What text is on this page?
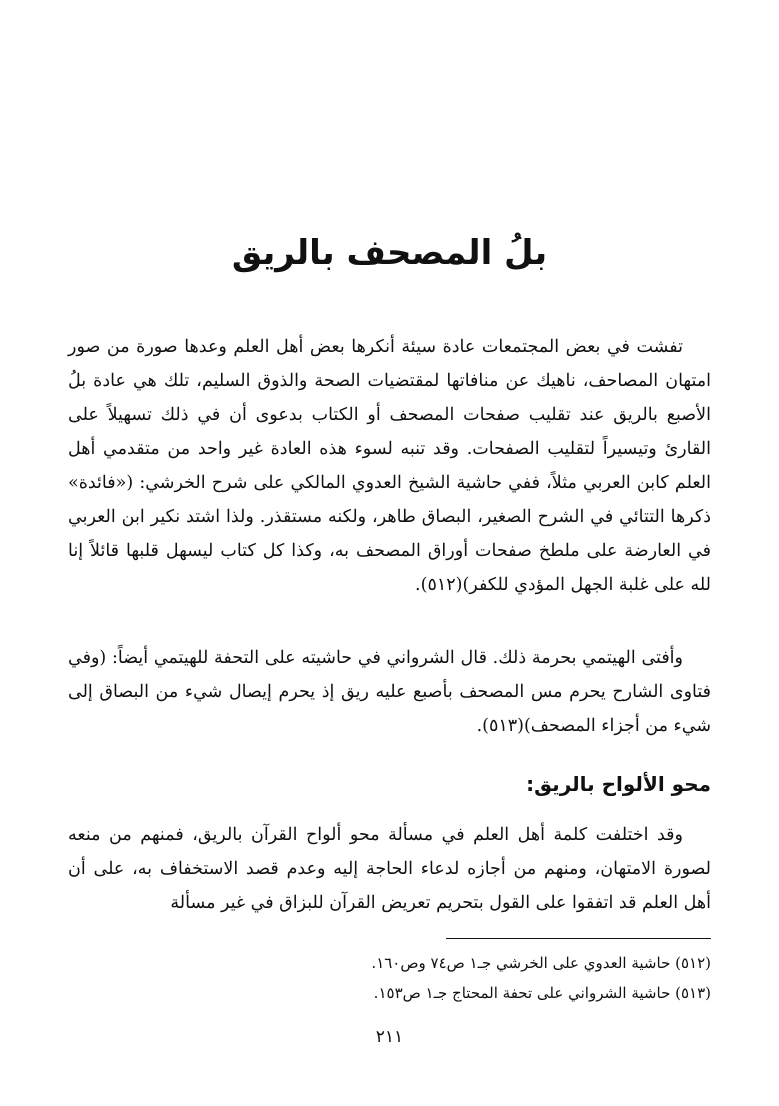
بلُ المصحف بالريق

تفشت في بعض المجتمعات عادة سيئة أنكرها بعض أهل العلم وعدها صورة من صور امتهان المصاحف، ناهيك عن منافاتها لمقتضيات الصحة والذوق السليم، تلك هي عادة بلُ الأصبع بالريق عند تقليب صفحات المصحف أو الكتاب بدعوى أن في ذلك تسهيلاً على القارئ وتيسيراً لتقليب الصفحات. وقد تنبه لسوء هذه العادة غير واحد من متقدمي أهل العلم كابن العربي مثلاً، ففي حاشية الشيخ العدوي المالكي على شرح الخرشي: («فائدة» ذكرها التتائي في الشرح الصغير، البصاق طاهر، ولكنه مستقذر. ولذا اشتد نكير ابن العربي في العارضة على ملطخ صفحات أوراق المصحف به، وكذا كل كتاب ليسهل قلبها قائلاً إنا لله على غلبة الجهل المؤدي للكفر)(٥١٢).

وأفتى الهيتمي بحرمة ذلك. قال الشرواني في حاشيته على التحفة للهيتمي أيضاً: (وفي فتاوى الشارح يحرم مس المصحف بأصبع عليه ريق إذ يحرم إيصال شيء من البصاق إلى شيء من أجزاء المصحف)(٥١٣).

محو الألواح بالريق:

وقد اختلفت كلمة أهل العلم في مسألة محو ألواح القرآن بالريق، فمنهم من منعه لصورة الامتهان، ومنهم من أجازه لدعاء الحاجة إليه وعدم قصد الاستخفاف به، على أن أهل العلم قد اتفقوا على القول بتحريم تعريض القرآن للبزاق في غير مسألة

(٥١٢) حاشية العدوي على الخرشي جـ١ ص٧٤ وص١٦٠.
(٥١٣) حاشية الشرواني على تحفة المحتاج جـ١ ص١٥٣.
٢١١
